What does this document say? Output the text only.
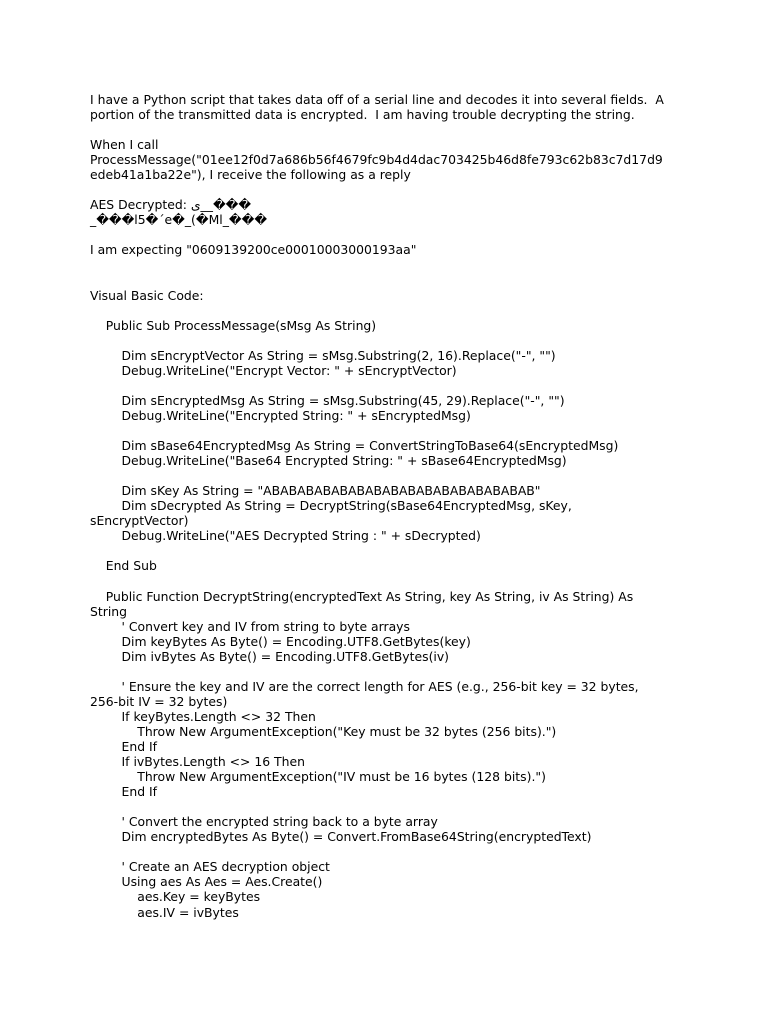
I have a Python script that takes data off of a serial line and decodes it into several fields.  A
portion of the transmitted data is encrypted.  I am having trouble decrypting the string.
When I call
ProcessMessage("01ee12f0d7a686b56f4679fc9b4d4dac703425b46d8fe793c62b83c7d17d9
edeb41a1ba22e"), I receive the following as a reply
AES Decrypted: ى__���
_���l5�´e�_(�Ml_���
I am expecting "0609139200ce00010003000193aa"
Visual Basic Code:
Public Sub ProcessMessage(sMsg As String)
Dim sEncryptVector As String = sMsg.Substring(2, 16).Replace("-", "")
Debug.WriteLine("Encrypt Vector: " + sEncryptVector)
Dim sEncryptedMsg As String = sMsg.Substring(45, 29).Replace("-", "")
Debug.WriteLine("Encrypted String: " + sEncryptedMsg)
Dim sBase64EncryptedMsg As String = ConvertStringToBase64(sEncryptedMsg)
Debug.WriteLine("Base64 Encrypted String: " + sBase64EncryptedMsg)
Dim sKey As String = "ABABABABABABABABABABABABABABABAB"
Dim sDecrypted As String = DecryptString(sBase64EncryptedMsg, sKey,
sEncryptVector)
Debug.WriteLine("AES Decrypted String : " + sDecrypted)
End Sub
Public Function DecryptString(encryptedText As String, key As String, iv As String) As
String
' Convert key and IV from string to byte arrays
Dim keyBytes As Byte() = Encoding.UTF8.GetBytes(key)
Dim ivBytes As Byte() = Encoding.UTF8.GetBytes(iv)
' Ensure the key and IV are the correct length for AES (e.g., 256-bit key = 32 bytes,
256-bit IV = 32 bytes)
If keyBytes.Length <> 32 Then
Throw New ArgumentException("Key must be 32 bytes (256 bits).")
End If
If ivBytes.Length <> 16 Then
Throw New ArgumentException("IV must be 16 bytes (128 bits).")
End If
' Convert the encrypted string back to a byte array
Dim encryptedBytes As Byte() = Convert.FromBase64String(encryptedText)
' Create an AES decryption object
Using aes As Aes = Aes.Create()
aes.Key = keyBytes
aes.IV = ivBytes
